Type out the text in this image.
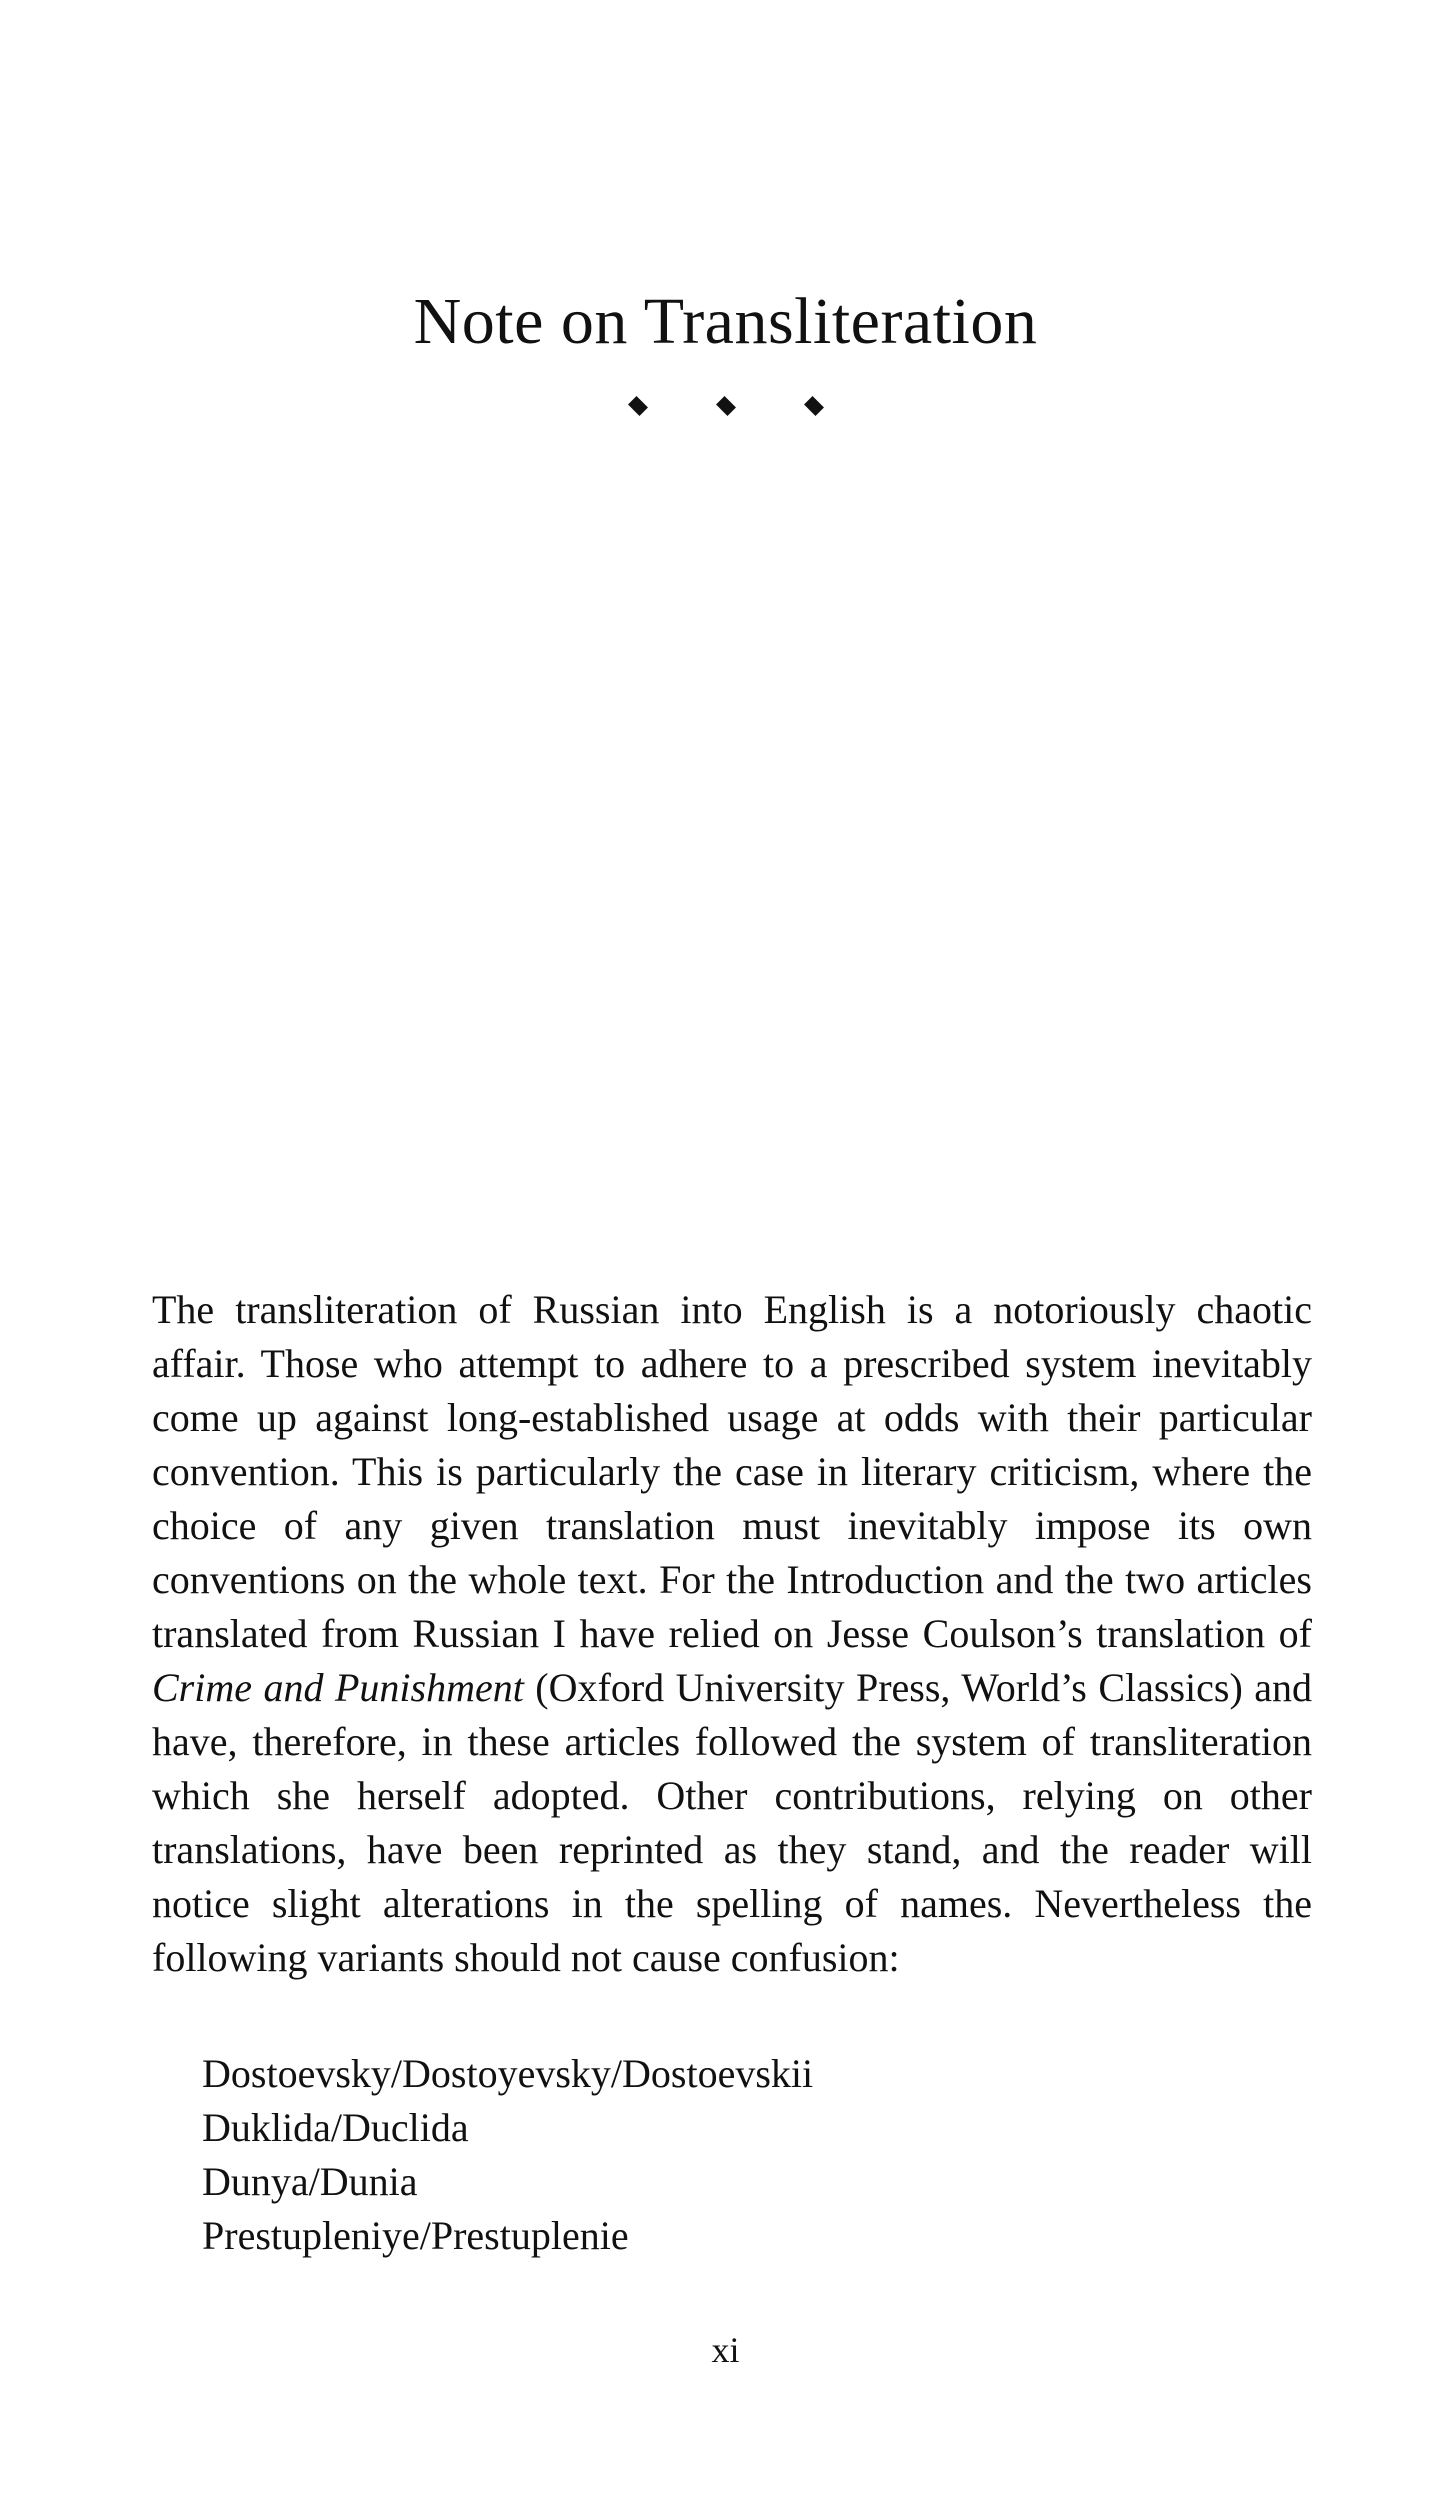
Note on Transliteration

The transliteration of Russian into English is a notoriously chaotic affair. Those who attempt to adhere to a prescribed system inevitably come up against long-established usage at odds with their particular convention. This is particularly the case in literary criticism, where the choice of any given translation must inevitably impose its own conventions on the whole text. For the Introduction and the two articles translated from Russian I have relied on Jesse Coulson’s translation of Crime and Punishment (Oxford University Press, World’s Classics) and have, therefore, in these articles followed the system of transliteration which she herself adopted. Other contributions, relying on other translations, have been reprinted as they stand, and the reader will notice slight alterations in the spelling of names. Nevertheless the following variants should not cause confusion:

Dostoevsky/Dostoyevsky/Dostoevskii
Duklida/Duclida
Dunya/Dunia
Prestupleniye/Prestuplenie
xi
